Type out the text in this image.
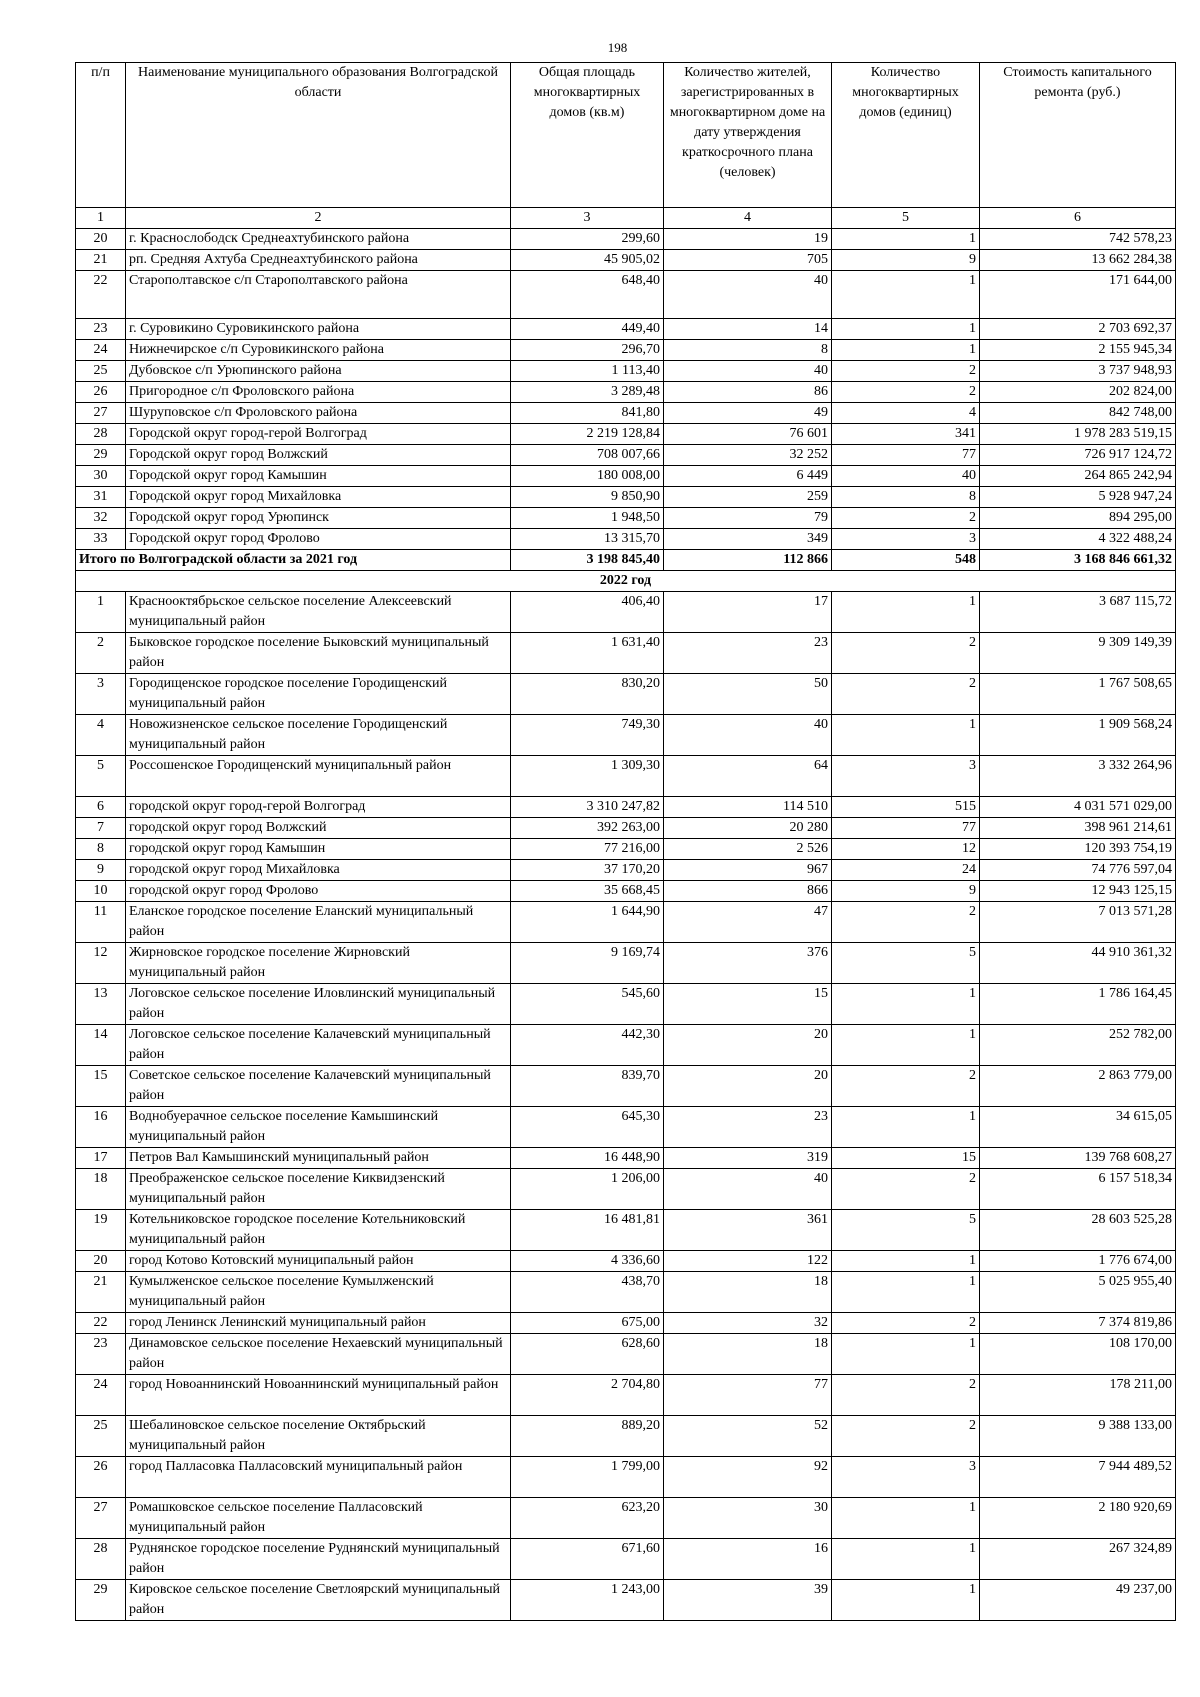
198
п/п	Наименование муниципального образования Волгоградской области	Общая площадь многоквартирных домов (кв.м)	Количество жителей, зарегистрированных в многоквартирном доме на дату утверждения краткосрочного плана (человек)	Количество многоквартирных домов (единиц)	Стоимость капитального ремонта (руб.)
1	2	3	4	5	6
20	г. Краснослободск Среднеахтубинского района	299,60	19	1	742 578,23
21	рп. Средняя Ахтуба Среднеахтубинского района	45 905,02	705	9	13 662 284,38
22	Старополтавское с/п Старополтавского района	648,40	40	1	171 644,00
23	г. Суровикино Суровикинского района	449,40	14	1	2 703 692,37
24	Нижнечирское с/п Суровикинского района	296,70	8	1	2 155 945,34
25	Дубовское с/п Урюпинского района	1 113,40	40	2	3 737 948,93
26	Пригородное с/п Фроловского района	3 289,48	86	2	202 824,00
27	Шуруповское с/п Фроловского района	841,80	49	4	842 748,00
28	Городской округ город-герой Волгоград	2 219 128,84	76 601	341	1 978 283 519,15
29	Городской округ город Волжский	708 007,66	32 252	77	726 917 124,72
30	Городской округ город Камышин	180 008,00	6 449	40	264 865 242,94
31	Городской округ город Михайловка	9 850,90	259	8	5 928 947,24
32	Городской округ город Урюпинск	1 948,50	79	2	894 295,00
33	Городской округ город Фролово	13 315,70	349	3	4 322 488,24
Итого по Волгоградской области за 2021 год		3 198 845,40	112 866	548	3 168 846 661,32
2022 год					
1	Краснооктябрьское сельское поселение Алексеевский муниципальный район	406,40	17	1	3 687 115,72
2	Быковское городское поселение Быковский муниципальный район	1 631,40	23	2	9 309 149,39
3	Городищенское городское поселение Городищенский муниципальный район	830,20	50	2	1 767 508,65
4	Новожизненское сельское поселение Городищенский муниципальный район	749,30	40	1	1 909 568,24
5	Россошенское Городищенский муниципальный район	1 309,30	64	3	3 332 264,96
6	городской округ город-герой Волгоград	3 310 247,82	114 510	515	4 031 571 029,00
7	городской округ город Волжский	392 263,00	20 280	77	398 961 214,61
8	городской округ город Камышин	77 216,00	2 526	12	120 393 754,19
9	городской округ город Михайловка	37 170,20	967	24	74 776 597,04
10	городской округ город Фролово	35 668,45	866	9	12 943 125,15
11	Еланское городское поселение Еланский муниципальный район	1 644,90	47	2	7 013 571,28
12	Жирновское городское поселение Жирновский муниципальный район	9 169,74	376	5	44 910 361,32
13	Логовское сельское поселение Иловлинский муниципальный район	545,60	15	1	1 786 164,45
14	Логовское сельское поселение Калачевский муниципальный район	442,30	20	1	252 782,00
15	Советское сельское поселение Калачевский муниципальный район	839,70	20	2	2 863 779,00
16	Воднобуерачное сельское поселение Камышинский муниципальный район	645,30	23	1	34 615,05
17	Петров Вал Камышинский муниципальный район	16 448,90	319	15	139 768 608,27
18	Преображенское сельское поселение Киквидзенский муниципальный район	1 206,00	40	2	6 157 518,34
19	Котельниковское городское поселение Котельниковский муниципальный район	16 481,81	361	5	28 603 525,28
20	город Котово Котовский муниципальный район	4 336,60	122	1	1 776 674,00
21	Кумылженское сельское поселение Кумылженский муниципальный район	438,70	18	1	5 025 955,40
22	город Ленинск Ленинский муниципальный район	675,00	32	2	7 374 819,86
23	Динамовское сельское поселение Нехаевский муниципальный район	628,60	18	1	108 170,00
24	город Новоаннинский Новоаннинский муниципальный район	2 704,80	77	2	178 211,00
25	Шебалиновское сельское поселение Октябрьский муниципальный район	889,20	52	2	9 388 133,00
26	город Палласовка Палласовский муниципальный район	1 799,00	92	3	7 944 489,52
27	Ромашковское сельское поселение Палласовский муниципальный район	623,20	30	1	2 180 920,69
28	Руднянское городское поселение Руднянский муниципальный район	671,60	16	1	267 324,89
29	Кировское сельское поселение Светлоярский муниципальный район	1 243,00	39	1	49 237,00
